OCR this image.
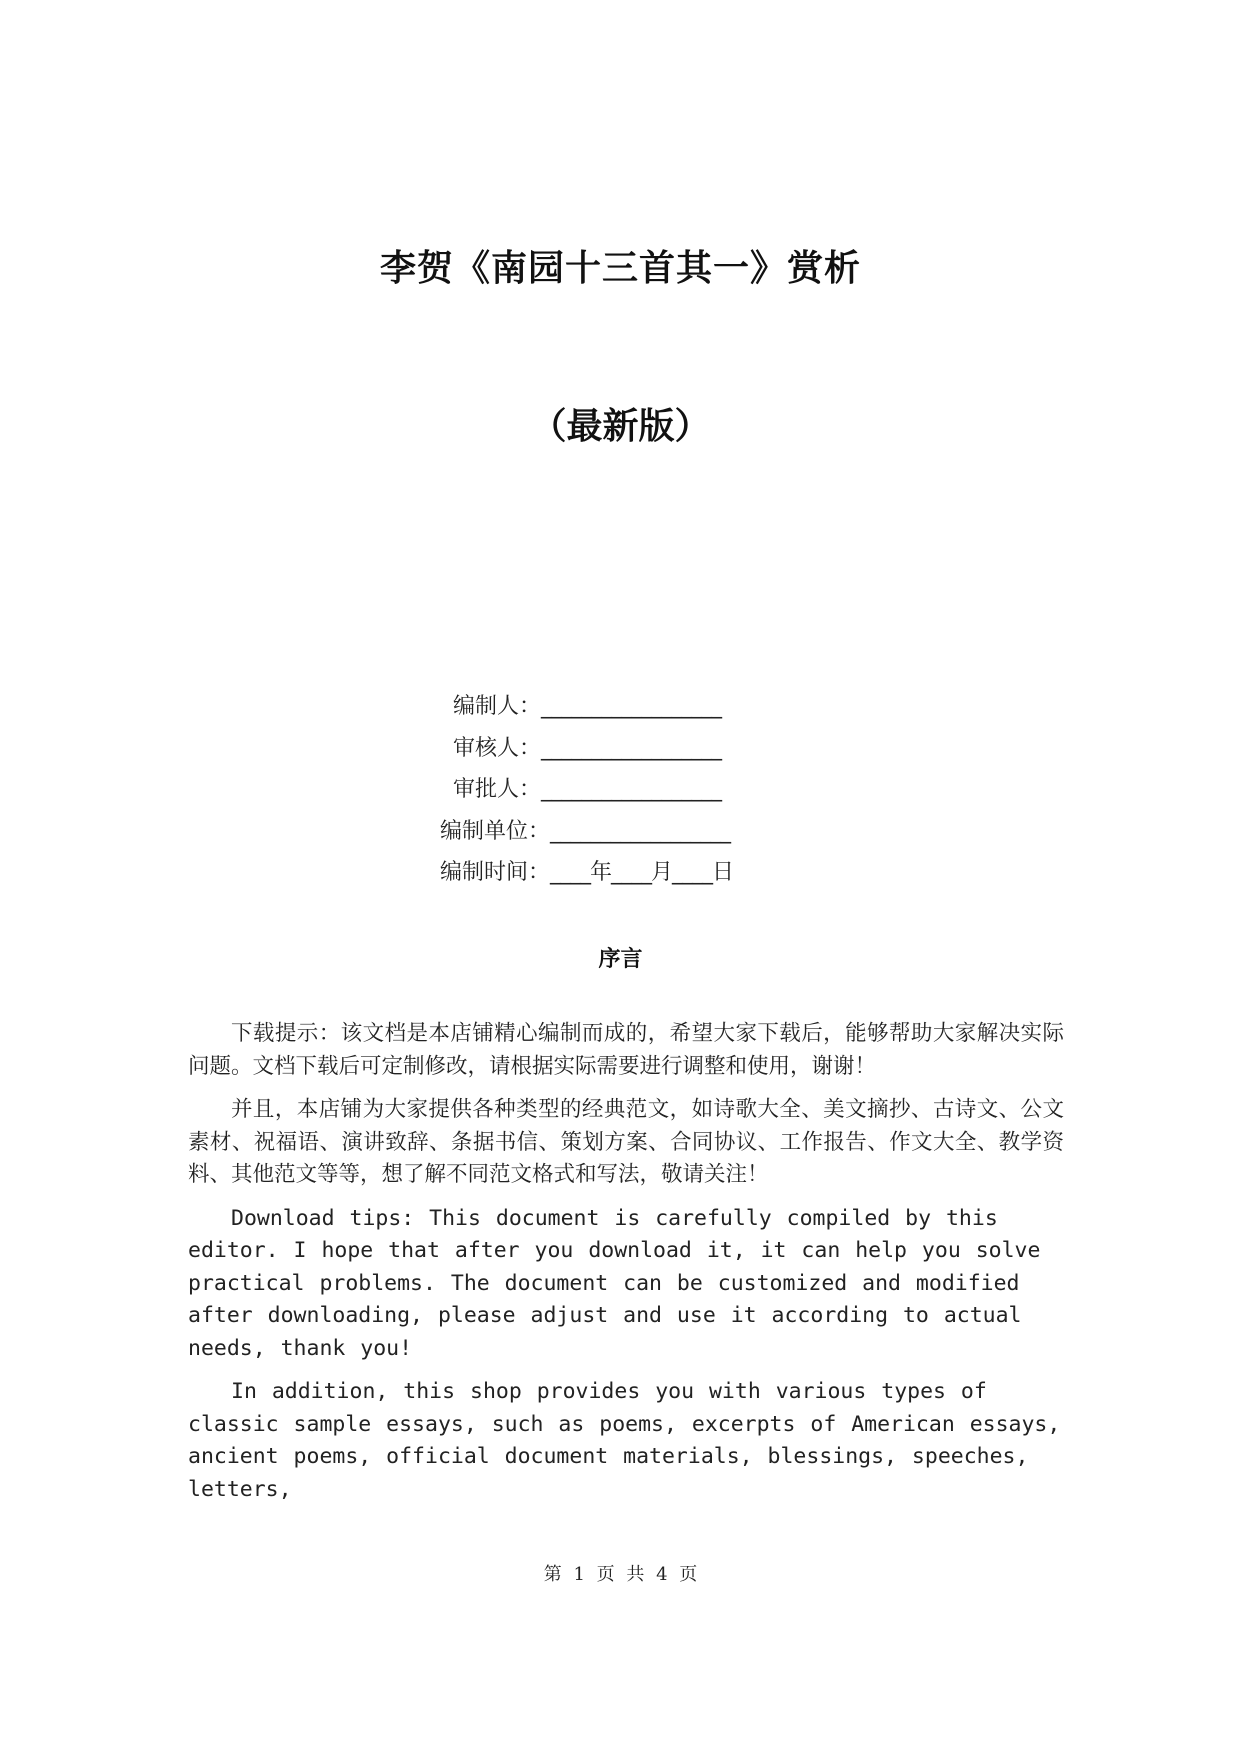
李贺《南园十三首其一》赏析
（最新版）
编制人：__________________
审核人：__________________
审批人：__________________
编制单位：__________________
编制时间：____年____月____日
序言

下载提示：该文档是本店铺精心编制而成的，希望大家下载后，能够帮助大家解决实际问题。文档下载后可定制修改，请根据实际需要进行调整和使用，谢谢！

并且，本店铺为大家提供各种类型的经典范文，如诗歌大全、美文摘抄、古诗文、公文素材、祝福语、演讲致辞、条据书信、策划方案、合同协议、工作报告、作文大全、教学资料、其他范文等等，想了解不同范文格式和写法，敬请关注！

Download tips: This document is carefully compiled by this editor. I hope that after you download it, it can help you solve practical problems. The document can be customized and modified after downloading, please adjust and use it according to actual needs, thank you!

In addition, this shop provides you with various types of classic sample essays, such as poems, excerpts of American essays, ancient poems, official document materials, blessings, speeches, letters,

第 1 页 共 4 页
